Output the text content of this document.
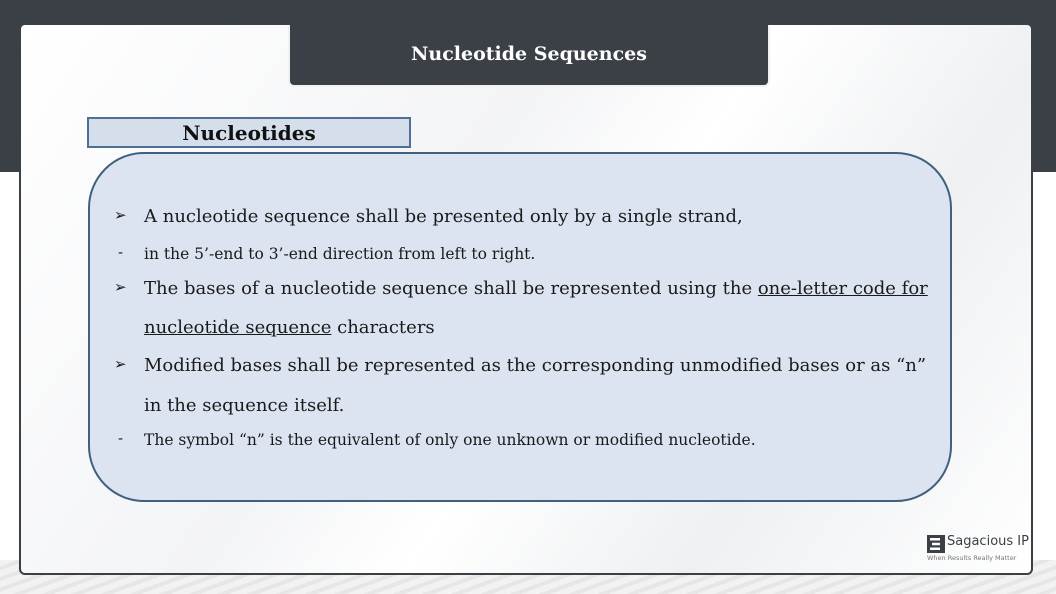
Nucleotide Sequences
Nucleotides
➢ A nucleotide sequence shall be presented only by a single strand,
-	in the 5’-end to 3’-end direction from left to right.
➢ The bases of a nucleotide sequence shall be represented using the one-letter code for
nucleotide sequence characters
➢ Modified bases shall be represented as the corresponding unmodified bases or as “n”
in the sequence itself.
-	The symbol “n” is the equivalent of only one unknown or modified nucleotide.
Sagacious IP
When Results Really Matter
